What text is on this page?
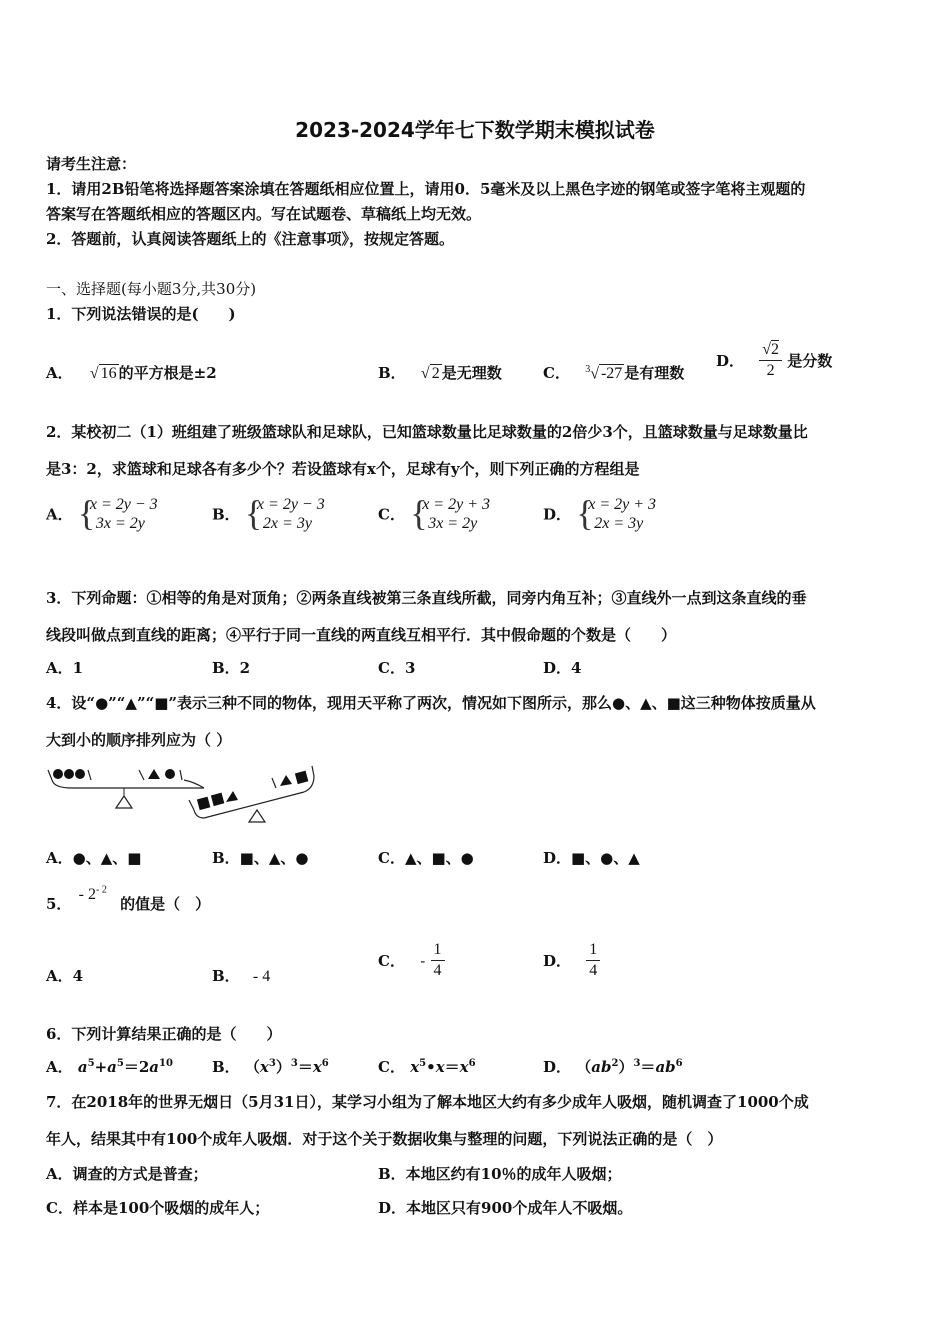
2023-2024学年七下数学期末模拟试卷
请考生注意：
1．请用2B铅笔将选择题答案涂填在答题纸相应位置上，请用0．5毫米及以上黑色字迹的钢笔或签字笔将主观题的
答案写在答题纸相应的答题区内。写在试题卷、草稿纸上均无效。
2．答题前，认真阅读答题纸上的《注意事项》，按规定答题。
一、选择题(每小题3分,共30分)
1．下列说法错误的是(　　)
A． √ 16 的平方根是±2	B． √ 2 是无理数	C． $^3$√ -27 是有理数
D． $\frac{√2}{2}$ 是分数
2．某校初二（1）班组建了班级篮球队和足球队，已知篮球数量比足球数量的2倍少3个，且篮球数量与足球数量比
是3：2，求篮球和足球各有多少个？若设篮球有x个，足球有y个，则下列正确的方程组是
A． {
x = 2y − 3
3x = 2y	B． {
x = 2y − 3
2x = 3y	C． {
x = 2y + 3
3x = 2y	D． {
x = 2y + 3
2x = 3y
3．下列命题：①相等的角是对顶角；②两条直线被第三条直线所截，同旁内角互补；③直线外一点到这条直线的垂
线段叫做点到直线的距离；④平行于同一直线的两直线互相平行．其中假命题的个数是（　　）
A．1	B．2	C．3	D．4
4．设“●”“▲”“■”表示三种不同的物体，现用天平称了两次，情况如下图所示，那么●、▲、■这三种物体按质量从
大到小的顺序排列应为（ ）
A．●、▲、■	B．■、▲、●	C．▲、■、●	D．■、●、▲
5． - $2^{- 2}$ 的值是（　）
A．4	B． - 4
C． - $\frac{1}{4}$	D． $\frac{1}{4}$
6．下列计算结果正确的是（　　）
A． $a^5+a^5=2a^{10}$	B． $(x^3)^3=x^6$	C． $x^5•x=x^6$	D． $(ab^2)^3=ab^6$
7．在2018年的世界无烟日（5月31日），某学习小组为了解本地区大约有多少成年人吸烟，随机调查了1000个成
年人，结果其中有100个成年人吸烟．对于这个关于数据收集与整理的问题，下列说法正确的是（　）
A．调查的方式是普查；	B．本地区约有10％的成年人吸烟；
C．样本是100个吸烟的成年人；	D．本地区只有900个成年人不吸烟。
